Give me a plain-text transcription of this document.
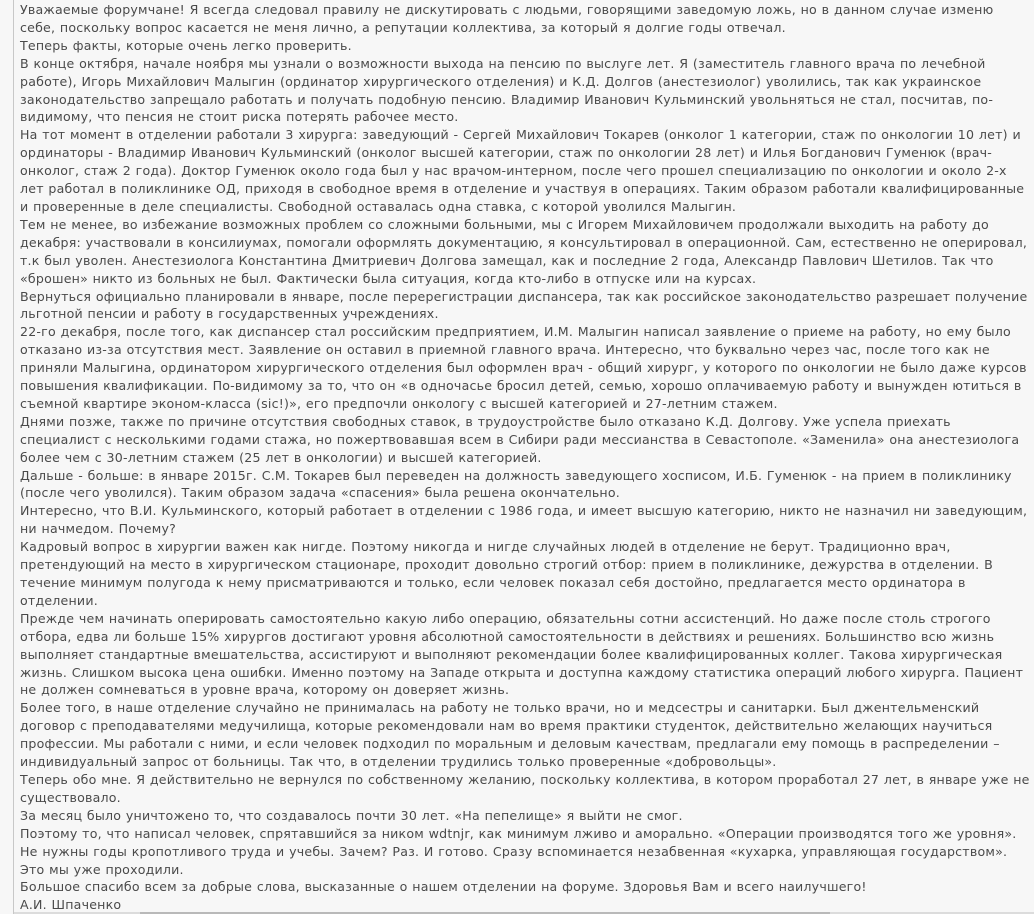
Уважаемые форумчане! Я всегда следовал правилу не дискутировать с людьми, говорящими заведомую ложь, но в данном случае изменю себе, поскольку вопрос касается не меня лично, а репутации коллектива, за который я долгие годы отвечал.

Теперь факты, которые очень легко проверить.

В конце октября, начале ноября мы узнали о возможности выхода на пенсию по выслуге лет. Я (заместитель главного врача по лечебной работе), Игорь Михайлович Малыгин (ординатор хирургического отделения) и К.Д. Долгов (анестезиолог) уволились, так как украинское законодательство запрещало работать и получать подобную пенсию. Владимир Иванович Кульминский увольняться не стал, посчитав, по-видимому, что пенсия не стоит риска потерять рабочее место.

На тот момент в отделении работали 3 хирурга: заведующий - Сергей Михайлович Токарев (онколог 1 категории, стаж по онкологии 10 лет) и ординаторы - Владимир Иванович Кульминский (онколог высшей категории, стаж по онкологии 28 лет) и Илья Богданович Гуменюк (врач-онколог, стаж 2 года). Доктор Гуменюк около года был у нас врачом-интерном, после чего прошел специализацию по онкологии и около 2-х лет работал в поликлинике ОД, приходя в свободное время в отделение и участвуя в операциях. Таким образом работали квалифицированные и проверенные в деле специалисты. Свободной оставалась одна ставка, с которой уволился Малыгин.

Тем не менее, во избежание возможных проблем со сложными больными, мы с Игорем Михайловичем продолжали выходить на работу до декабря: участвовали в консилиумах, помогали оформлять документацию, я консультировал в операционной. Сам, естественно не оперировал, т.к был уволен. Анестезиолога Константина Дмитриевич Долгова замещал, как и последние 2 года, Александр Павлович Шетилов. Так что «брошен» никто из больных не был. Фактически была ситуация, когда кто-либо в отпуске или на курсах.

Вернуться официально планировали в январе, после перерегистрации диспансера, так как российское законодательство разрешает получение льготной пенсии и работу в государственных учреждениях.

22-го декабря, после того, как диспансер стал российским предприятием, И.М. Малыгин написал заявление о приеме на работу, но ему было отказано из-за отсутствия мест. Заявление он оставил в приемной главного врача. Интересно, что буквально через час, после того как не приняли Малыгина, ординатором хирургического отделения был оформлен врач - общий хирург, у которого по онкологии не было даже курсов повышения квалификации. По-видимому за то, что он «в одночасье бросил детей, семью, хорошо оплачиваемую работу и вынужден ютиться в съемной квартире эконом-класса (sic!)», его предпочли онкологу с высшей категорией и 27-летним стажем.

Днями позже, также по причине отсутствия свободных ставок, в трудоустройстве было отказано К.Д. Долгову. Уже успела приехать специалист с несколькими годами стажа, но пожертвовавшая всем в Сибири ради мессианства в Севастополе. «Заменила» она анестезиолога более чем с 30-летним стажем (25 лет в онкологии) и высшей категорией.

Дальше - больше: в январе 2015г. С.М. Токарев был переведен на должность заведующего хосписом, И.Б. Гуменюк - на прием в поликлинику (после чего уволился). Таким образом задача «спасения» была решена окончательно.

Интересно, что В.И. Кульминского, который работает в отделении с 1986 года, и имеет высшую категорию, никто не назначил ни заведующим, ни начмедом. Почему?

Кадровый вопрос в хирургии важен как нигде. Поэтому никогда и нигде случайных людей в отделение не берут. Традиционно врач, претендующий на место в хирургическом стационаре, проходит довольно строгий отбор: прием в поликлинике, дежурства в отделении. В течение минимум полугода к нему присматриваются и только, если человек показал себя достойно, предлагается место ординатора в отделении.

Прежде чем начинать оперировать самостоятельно какую либо операцию, обязательны сотни ассистенций. Но даже после столь строгого отбора, едва ли больше 15% хирургов достигают уровня абсолютной самостоятельности в действиях и решениях. Большинство всю жизнь выполняет стандартные вмешательства, ассистируют и выполняют рекомендации более квалифицированных коллег. Такова хирургическая жизнь. Слишком высока цена ошибки. Именно поэтому на Западе открыта и доступна каждому статистика операций любого хирурга. Пациент не должен сомневаться в уровне врача, которому он доверяет жизнь.

Более того, в наше отделение случайно не принималась на работу не только врачи, но и медсестры и санитарки. Был джентельменский договор с преподавателями медучилища, которые рекомендовали нам во время практики студенток, действительно желающих научиться профессии. Мы работали с ними, и если человек подходил по моральным и деловым качествам, предлагали ему помощь в распределении – индивидуальный запрос от больницы. Так что, в отделении трудились только проверенные «добровольцы».

Теперь обо мне. Я действительно не вернулся по собственному желанию, поскольку коллектива, в котором проработал 27 лет, в январе уже не существовало.

За месяц было уничтожено то, что создавалось почти 30 лет. «На пепелище» я выйти не смог.

Поэтому то, что написал человек, спрятавшийся за ником wdtnjr, как минимум лживо и аморально. «Операции производятся того же уровня». Не нужны годы кропотливого труда и учебы. Зачем? Раз. И готово. Сразу вспоминается незабвенная «кухарка, управляющая государством». Это мы уже проходили.

Большое спасибо всем за добрые слова, высказанные о нашем отделении на форуме. Здоровья Вам и всего наилучшего!

А.И. Шпаченко
